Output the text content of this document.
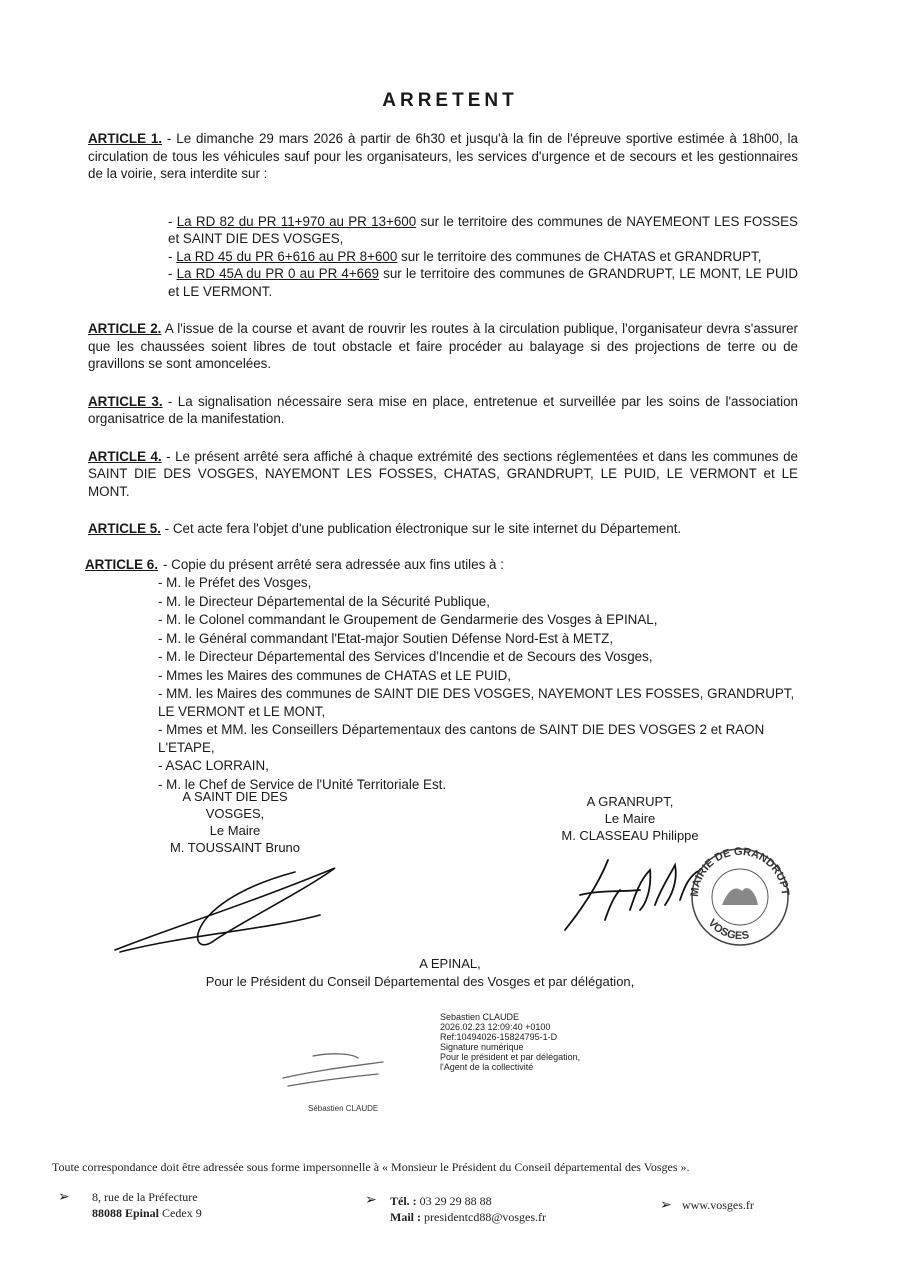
ARRETENT
ARTICLE 1. - Le dimanche 29 mars 2026 à partir de 6h30 et jusqu'à la fin de l'épreuve sportive estimée à 18h00, la circulation de tous les véhicules sauf pour les organisateurs, les services d'urgence et de secours et les gestionnaires de la voirie, sera interdite sur :
- La RD 82 du PR 11+970 au PR 13+600 sur le territoire des communes de NAYEMEONT LES FOSSES et SAINT DIE DES VOSGES,
- La RD 45 du PR 6+616 au PR 8+600 sur le territoire des communes de CHATAS et GRANDRUPT,
- La RD 45A du PR 0 au PR 4+669 sur le territoire des communes de GRANDRUPT, LE MONT, LE PUID et LE VERMONT.
ARTICLE 2. A l'issue de la course et avant de rouvrir les routes à la circulation publique, l'organisateur devra s'assurer que les chaussées soient libres de tout obstacle et faire procéder au balayage si des projections de terre ou de gravillons se sont amoncelées.
ARTICLE 3. - La signalisation nécessaire sera mise en place, entretenue et surveillée par les soins de l'association organisatrice de la manifestation.
ARTICLE 4. - Le présent arrêté sera affiché à chaque extrémité des sections réglementées et dans les communes de SAINT DIE DES VOSGES, NAYEMONT LES FOSSES, CHATAS, GRANDRUPT, LE PUID, LE VERMONT et LE MONT.
ARTICLE 5. - Cet acte fera l'objet d'une publication électronique sur le site internet du Département.
ARTICLE 6. - Copie du présent arrêté sera adressée aux fins utiles à :
- M. le Préfet des Vosges,
- M. le Directeur Départemental de la Sécurité Publique,
- M. le Colonel commandant le Groupement de Gendarmerie des Vosges à EPINAL,
- M. le Général commandant l'Etat-major Soutien Défense Nord-Est à METZ,
- M. le Directeur Départemental des Services d'Incendie et de Secours des Vosges,
- Mmes les Maires des communes de CHATAS et LE PUID,
- MM. les Maires des communes de SAINT DIE DES VOSGES, NAYEMONT LES FOSSES, GRANDRUPT, LE VERMONT et LE MONT,
- Mmes et MM. les Conseillers Départementaux des cantons de SAINT DIE DES VOSGES 2 et RAON L'ETAPE,
- ASAC LORRAIN,
- M. le Chef de Service de l'Unité Territoriale Est.
A SAINT DIE DES VOSGES,
Le Maire
M. TOUSSAINT Bruno
A GRANRUPT,
Le Maire
M. CLASSEAU Philippe
MAIRIE DE GRANDRUPT
VOSGES
A EPINAL,
Pour le Président du Conseil Départemental des Vosges et par délégation,
Sebastien CLAUDE
2026.02.23 12:09:40 +0100
Ref:10494026-15824795-1-D
Signature numérique
Pour le président et par délégation,
l'Agent de la collectivité
Sébastien CLAUDE
Toute correspondance doit être adressée sous forme impersonnelle à « Monsieur le Président du Conseil départemental des Vosges ».
➢ 8, rue de la Préfecture
88088 Epinal Cedex 9
➢ Tél. : 03 29 29 88 88
Mail : presidentcd88@vosges.fr
➢ www.vosges.fr
